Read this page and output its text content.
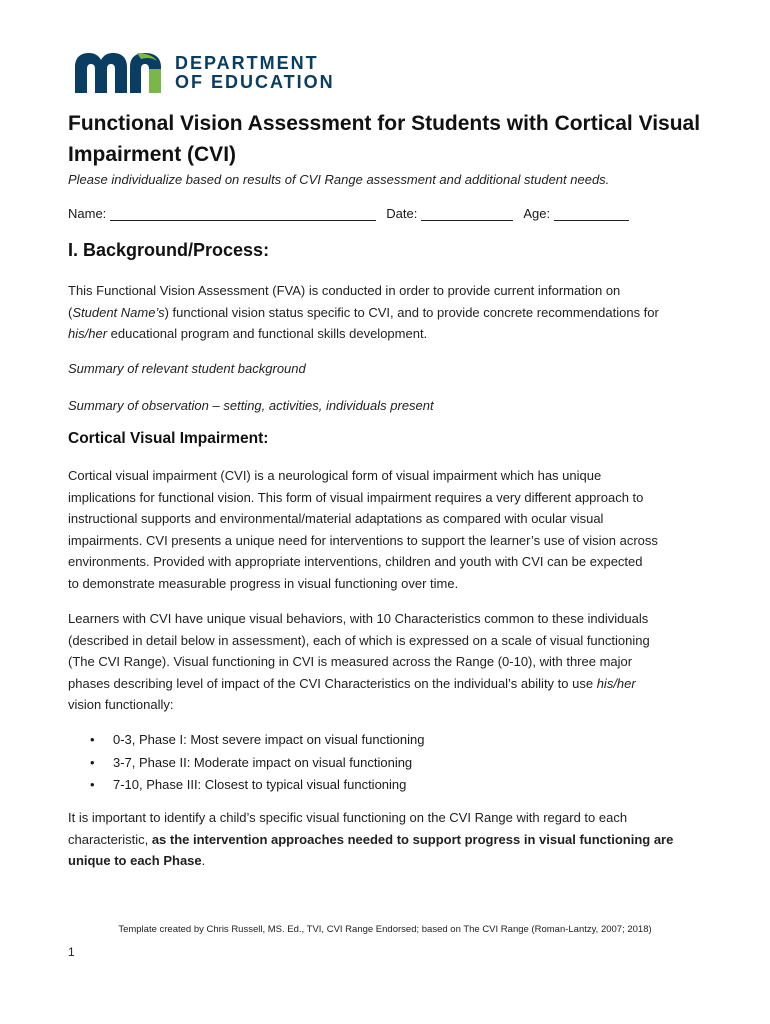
DEPARTMENT
OF EDUCATION
Functional Vision Assessment for Students with Cortical Visual
Impairment (CVI)
Please individualize based on results of CVI Range assessment and additional student needs.
Name:	Date:	Age:
I. Background/Process:
This Functional Vision Assessment (FVA) is conducted in order to provide current information on
(Student Name’s) functional vision status specific to CVI, and to provide concrete recommendations for
his/her educational program and functional skills development.
Summary of relevant student background
Summary of observation – setting, activities, individuals present
Cortical Visual Impairment:
Cortical visual impairment (CVI) is a neurological form of visual impairment which has unique
implications for functional vision. This form of visual impairment requires a very different approach to
instructional supports and environmental/material adaptations as compared with ocular visual
impairments. CVI presents a unique need for interventions to support the learner’s use of vision across
environments. Provided with appropriate interventions, children and youth with CVI can be expected
to demonstrate measurable progress in visual functioning over time.
Learners with CVI have unique visual behaviors, with 10 Characteristics common to these individuals
(described in detail below in assessment), each of which is expressed on a scale of visual functioning
(The CVI Range). Visual functioning in CVI is measured across the Range (0-10), with three major
phases describing level of impact of the CVI Characteristics on the individual’s ability to use his/her
vision functionally:
• 0-3, Phase I: Most severe impact on visual functioning
• 3-7, Phase II: Moderate impact on visual functioning
• 7-10, Phase III: Closest to typical visual functioning
It is important to identify a child’s specific visual functioning on the CVI Range with regard to each
characteristic, as the intervention approaches needed to support progress in visual functioning are
unique to each Phase.
Template created by Chris Russell, MS. Ed., TVI, CVI Range Endorsed; based on The CVI Range (Roman-Lantzy, 2007; 2018)
1
